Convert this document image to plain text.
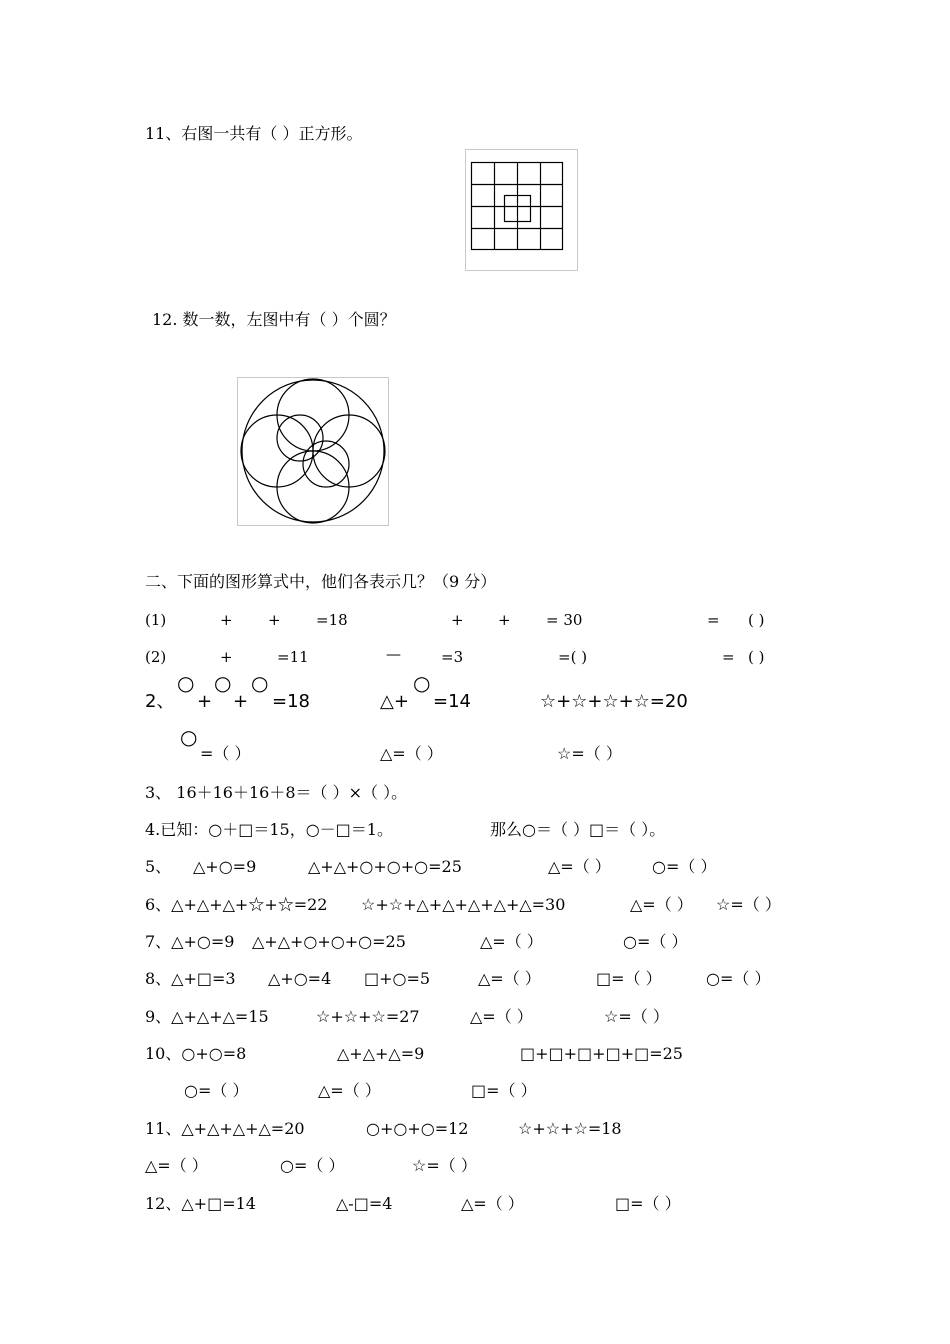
11、右图一共有（ ）正方形。
12. 数一数，左图中有（ ）个圆？
二、下面的图形算式中，他们各表示几？（9 分）
(1)	+ + =18	+ + = 30	= ( )
(2)	+	=11	—	=3	=( )	= ( )
○ ○ ○	○
2、 + + =18	△+ =14	☆+☆+☆+☆=20
○
=（ ）	△=（ ）	☆=（ ）
3、 16＋16＋16＋8＝（ ）×（ ）。
4.已知：○＋□＝15，○－□＝1。	那么○＝（ ）□＝（ ）。
5、 △+○=9	△+△+○+○+○=25	△=（ ）	○=（ ）
6、△+△+△+☆+☆=22 ☆+☆+△+△+△+△+△=30	△=（ ） ☆=（ ）
7、△+○=9 △+△+○+○+○=25	△=（ ）	○=（ ）
8、△+□=3 △+○=4 □+○=5	△=（ ）	□=（ ）	○=（ ）
9、△+△+△=15	☆+☆+☆=27	△=（ ）	☆=（ ）
10、○+○=8	△+△+△=9	□+□+□+□+□=25
○=（ ）	△=（ ）	□=（ ）
11、△+△+△+△=20	○+○+○=12	☆+☆+☆=18
△=（ ）	○=（ ）	☆=（ ）
12、△+□=14	△-□=4	△=（ ）	□=（ ）
